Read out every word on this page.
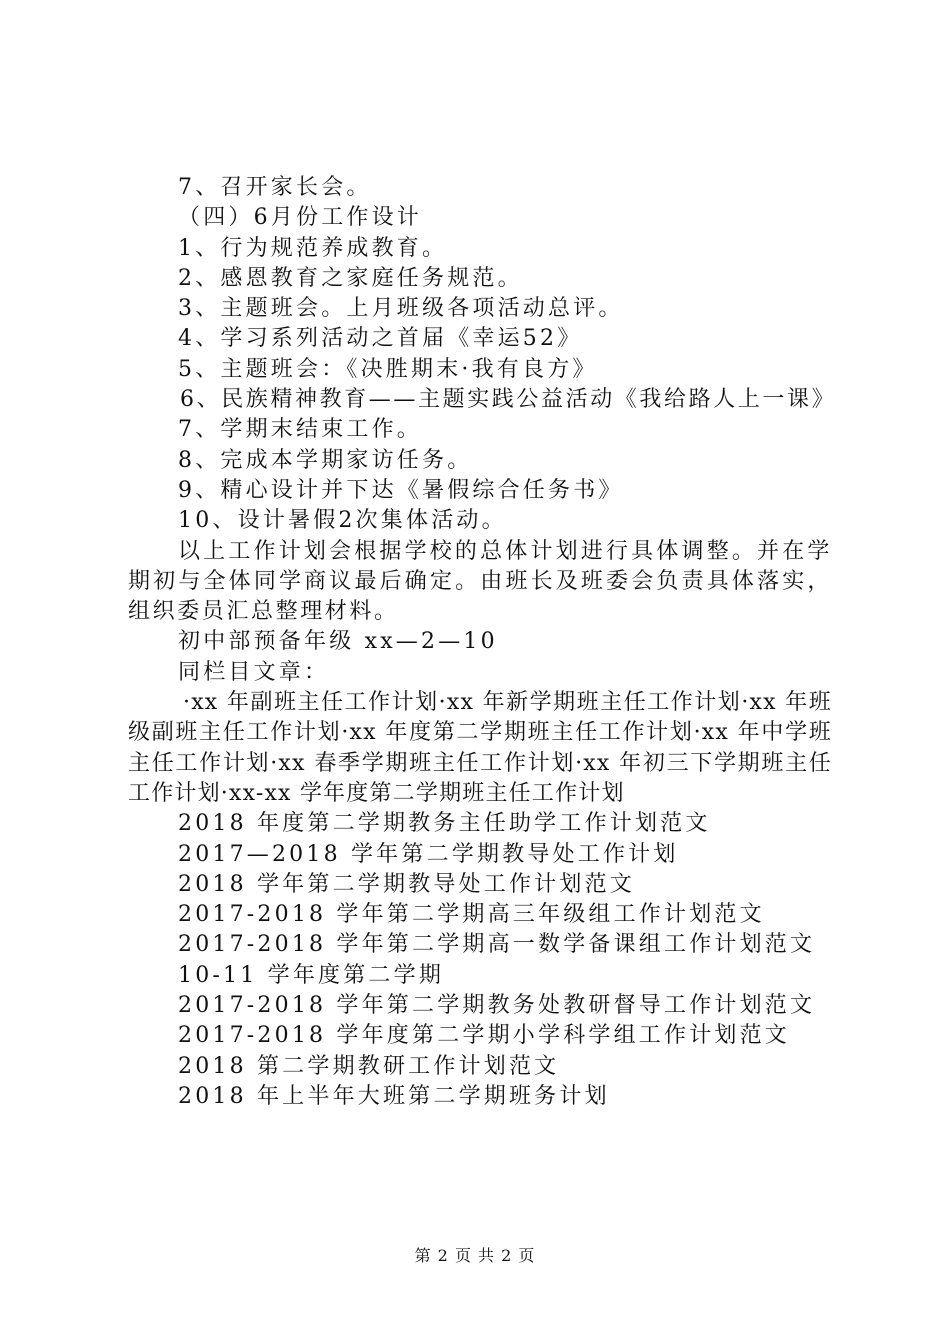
7、召开家长会。
（四）6月份工作设计
1、行为规范养成教育。
2、感恩教育之家庭任务规范。
3、主题班会。上月班级各项活动总评。
4、学习系列活动之首届《幸运52》
5、主题班会：《决胜期末·我有良方》
6、民族精神教育——主题实践公益活动《我给路人上一课》
7、学期末结束工作。
8、完成本学期家访任务。
9、精心设计并下达《暑假综合任务书》
10、设计暑假2次集体活动。
以上工作计划会根据学校的总体计划进行具体调整。并在学期初与全体同学商议最后确定。由班长及班委会负责具体落实，组织委员汇总整理材料。
初中部预备年级 xx—2—10
同栏目文章：
·xx 年副班主任工作计划·xx 年新学期班主任工作计划·xx 年班级副班主任工作计划·xx 年度第二学期班主任工作计划·xx 年中学班主任工作计划·xx 春季学期班主任工作计划·xx 年初三下学期班主任工作计划·xx-xx 学年度第二学期班主任工作计划
2018 年度第二学期教务主任助学工作计划范文
2017—2018 学年第二学期教导处工作计划
2018 学年第二学期教导处工作计划范文
2017-2018 学年第二学期高三年级组工作计划范文
2017-2018 学年第二学期高一数学备课组工作计划范文
10-11 学年度第二学期
2017-2018 学年第二学期教务处教研督导工作计划范文
2017-2018 学年度第二学期小学科学组工作计划范文
2018 第二学期教研工作计划范文
2018 年上半年大班第二学期班务计划
第 2 页 共 2 页
